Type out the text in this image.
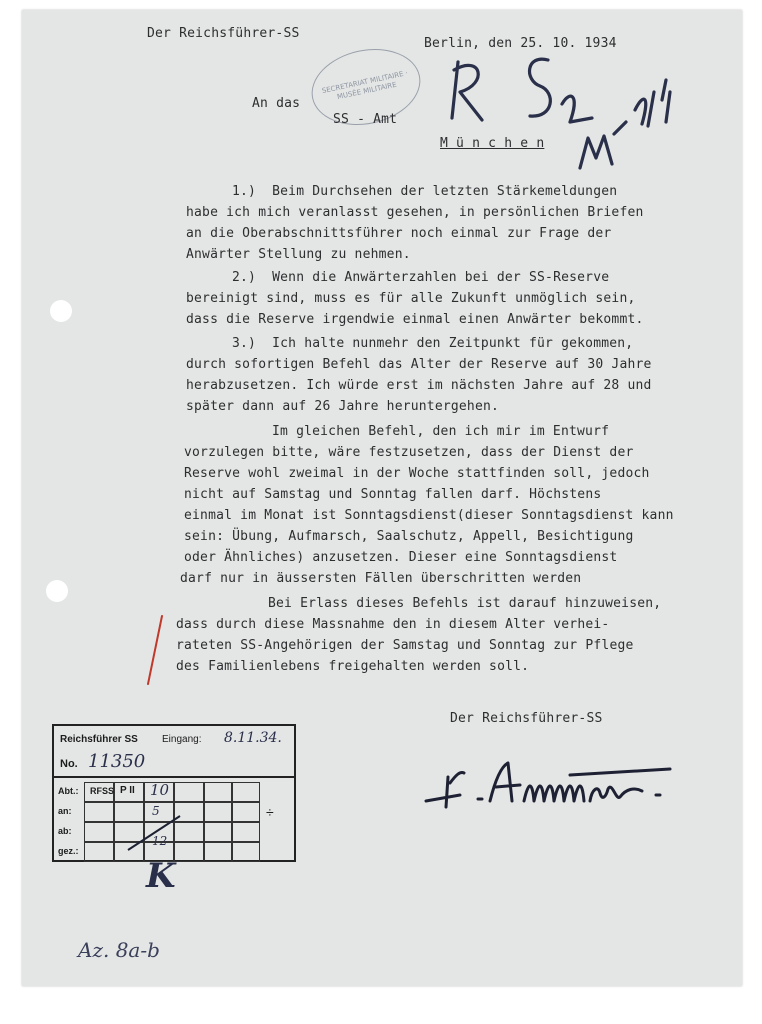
Der Reichsführer-SS
Berlin, den 25. 10. 1934
SECRETARIAT MILITAIRE · MUSÉE MILITAIRE
An das
SS - Amt
M ü n c h e n
1.)  Beim Durchsehen der letzten Stärkemeldungen
habe ich mich veranlasst gesehen, in persönlichen Briefen
an die Oberabschnittsführer noch einmal zur Frage der
Anwärter Stellung zu nehmen.
2.)  Wenn die Anwärterzahlen bei der SS-Reserve
bereinigt sind, muss es für alle Zukunft unmöglich sein,
dass die Reserve irgendwie einmal einen Anwärter bekommt.
3.)  Ich halte nunmehr den Zeitpunkt für gekommen,
durch sofortigen Befehl das Alter der Reserve auf 30 Jahre
herabzusetzen. Ich würde erst im nächsten Jahre auf 28 und
später dann auf 26 Jahre heruntergehen.
Im gleichen Befehl, den ich mir im Entwurf
vorzulegen bitte, wäre festzusetzen, dass der Dienst der
Reserve wohl zweimal in der Woche stattfinden soll, jedoch
nicht auf Samstag und Sonntag fallen darf. Höchstens
einmal im Monat ist Sonntagsdienst(dieser Sonntagsdienst kann
sein: Übung, Aufmarsch, Saalschutz, Appell, Besichtigung
oder Ähnliches) anzusetzen. Dieser eine Sonntagsdienst
darf nur in äussersten Fällen überschritten werden
Bei Erlass dieses Befehls ist darauf hinzuweisen,
dass durch diese Massnahme den in diesem Alter verhei-
rateten SS-Angehörigen der Samstag und Sonntag zur Pflege
des Familienlebens freigehalten werden soll.
Der Reichsführer-SS
Reichsführer SS Eingang: 8.11.34.
No. 11350
Abt.:
an:
ab:
gez.:
RFSS P II 10
5
12
÷
K
Az. 8a-b
